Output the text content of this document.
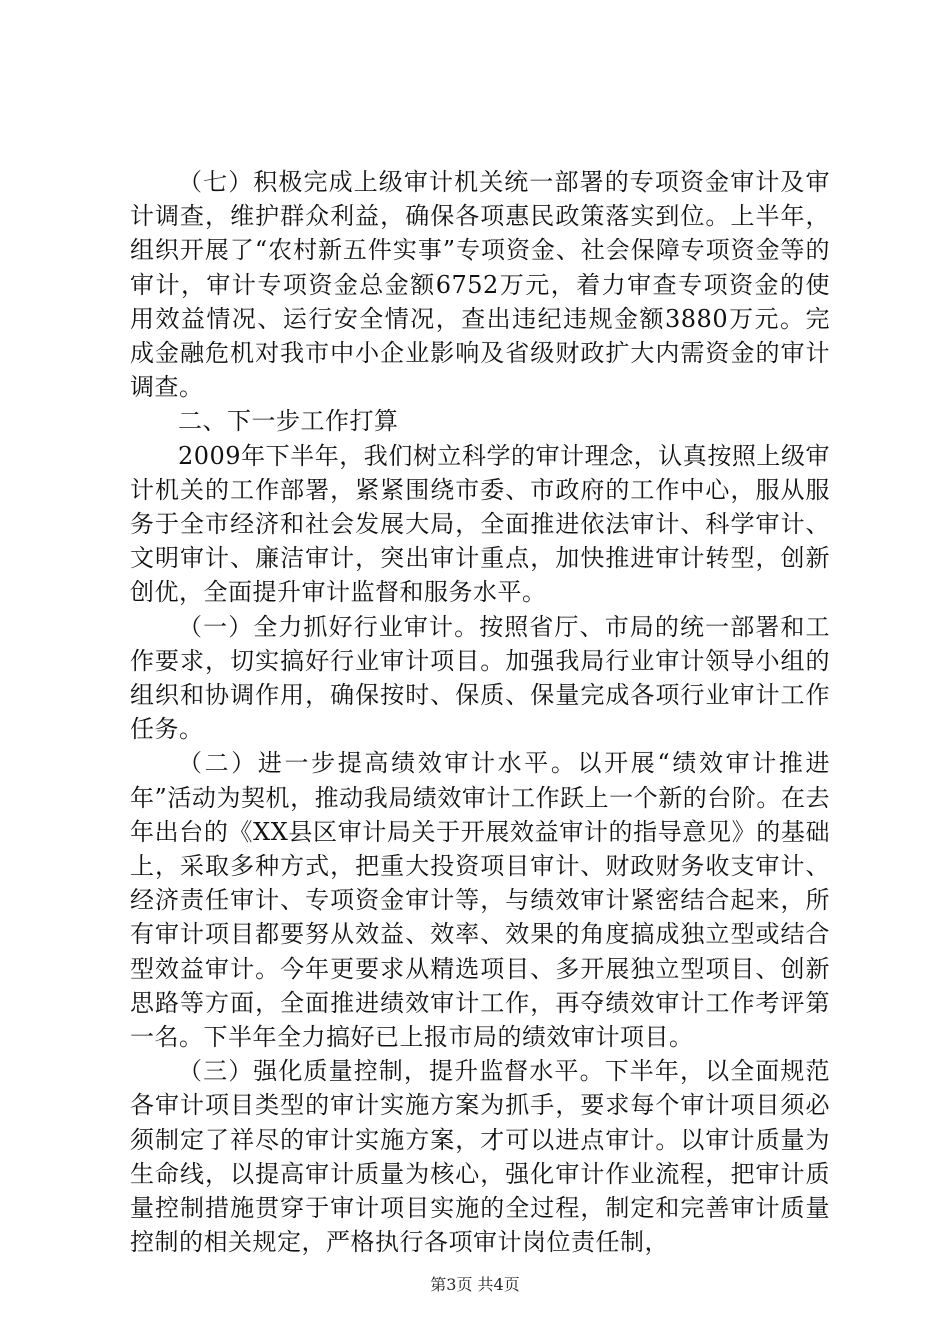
（七）积极完成上级审计机关统一部署的专项资金审计及审计调查，维护群众利益，确保各项惠民政策落实到位。上半年，组织开展了“农村新五件实事”专项资金、社会保障专项资金等的审计，审计专项资金总金额6752万元，着力审查专项资金的使用效益情况、运行安全情况，查出违纪违规金额3880万元。完成金融危机对我市中小企业影响及省级财政扩大内需资金的审计调查。

二、下一步工作打算

2009年下半年，我们树立科学的审计理念，认真按照上级审计机关的工作部署，紧紧围绕市委、市政府的工作中心，服从服务于全市经济和社会发展大局，全面推进依法审计、科学审计、文明审计、廉洁审计，突出审计重点，加快推进审计转型，创新创优，全面提升审计监督和服务水平。

（一）全力抓好行业审计。按照省厅、市局的统一部署和工作要求，切实搞好行业审计项目。加强我局行业审计领导小组的组织和协调作用，确保按时、保质、保量完成各项行业审计工作任务。

（二）进一步提高绩效审计水平。以开展“绩效审计推进年”活动为契机，推动我局绩效审计工作跃上一个新的台阶。在去年出台的《XX县区审计局关于开展效益审计的指导意见》的基础上，采取多种方式，把重大投资项目审计、财政财务收支审计、经济责任审计、专项资金审计等，与绩效审计紧密结合起来，所有审计项目都要努从效益、效率、效果的角度搞成独立型或结合型效益审计。今年更要求从精选项目、多开展独立型项目、创新思路等方面，全面推进绩效审计工作，再夺绩效审计工作考评第一名。下半年全力搞好已上报市局的绩效审计项目。

（三）强化质量控制，提升监督水平。下半年，以全面规范各审计项目类型的审计实施方案为抓手，要求每个审计项目须必须制定了祥尽的审计实施方案，才可以进点审计。以审计质量为生命线，以提高审计质量为核心，强化审计作业流程，把审计质量控制措施贯穿于审计项目实施的全过程，制定和完善审计质量控制的相关规定，严格执行各项审计岗位责任制，

第3页 共4页
